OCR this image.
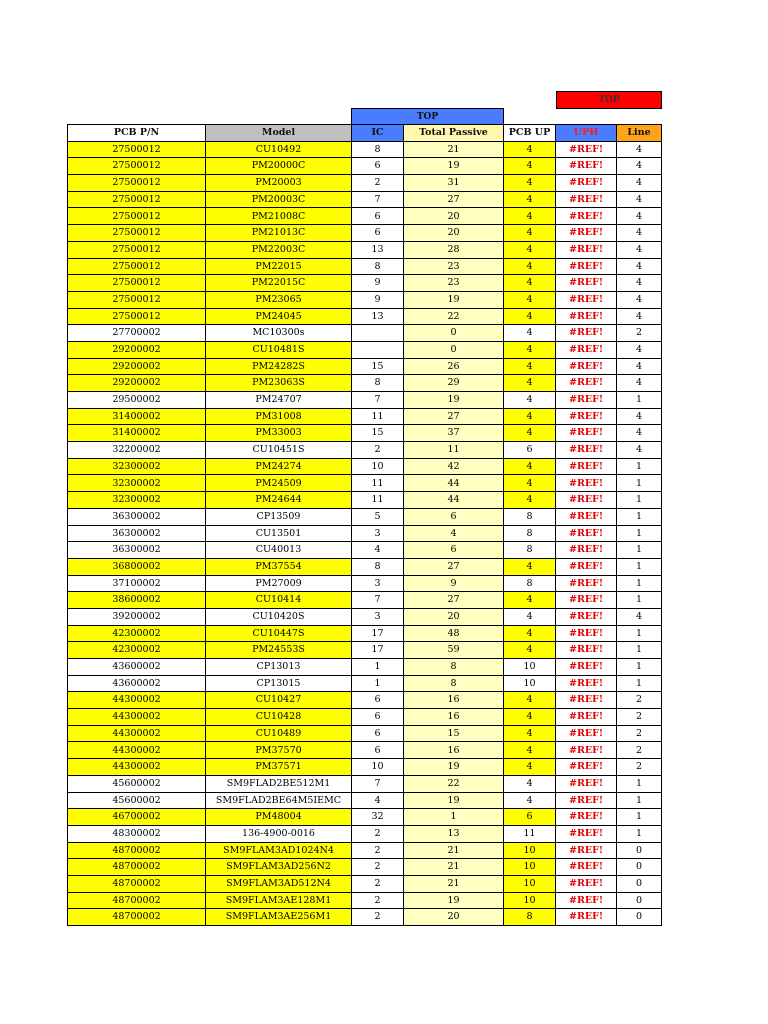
TOP
TOP
PCB P/N	Model	IC	Total Passive	PCB UP	UPH	Line
27500012	CU10492	8	21	4	#REF!	4
27500012	PM20000C	6	19	4	#REF!	4
27500012	PM20003	2	31	4	#REF!	4
27500012	PM20003C	7	27	4	#REF!	4
27500012	PM21008C	6	20	4	#REF!	4
27500012	PM21013C	6	20	4	#REF!	4
27500012	PM22003C	13	28	4	#REF!	4
27500012	PM22015	8	23	4	#REF!	4
27500012	PM22015C	9	23	4	#REF!	4
27500012	PM23065	9	19	4	#REF!	4
27500012	PM24045	13	22	4	#REF!	4
27700002	MC10300s		0	4	#REF!	2
29200002	CU10481S		0	4	#REF!	4
29200002	PM24282S	15	26	4	#REF!	4
29200002	PM23063S	8	29	4	#REF!	4
29500002	PM24707	7	19	4	#REF!	1
31400002	PM31008	11	27	4	#REF!	4
31400002	PM33003	15	37	4	#REF!	4
32200002	CU10451S	2	11	6	#REF!	4
32300002	PM24274	10	42	4	#REF!	1
32300002	PM24509	11	44	4	#REF!	1
32300002	PM24644	11	44	4	#REF!	1
36300002	CP13509	5	6	8	#REF!	1
36300002	CU13501	3	4	8	#REF!	1
36300002	CU40013	4	6	8	#REF!	1
36800002	PM37554	8	27	4	#REF!	1
37100002	PM27009	3	9	8	#REF!	1
38600002	CU10414	7	27	4	#REF!	1
39200002	CU10420S	3	20	4	#REF!	4
42300002	CU10447S	17	48	4	#REF!	1
42300002	PM24553S	17	59	4	#REF!	1
43600002	CP13013	1	8	10	#REF!	1
43600002	CP13015	1	8	10	#REF!	1
44300002	CU10427	6	16	4	#REF!	2
44300002	CU10428	6	16	4	#REF!	2
44300002	CU10489	6	15	4	#REF!	2
44300002	PM37570	6	16	4	#REF!	2
44300002	PM37571	10	19	4	#REF!	2
45600002	SM9FLAD2BE512M1	7	22	4	#REF!	1
45600002	SM9FLAD2BE64M5IEMC	4	19	4	#REF!	1
46700002	PM48004	32	1	6	#REF!	1
48300002	136-4900-0016	2	13	11	#REF!	1
48700002	SM9FLAM3AD1024N4	2	21	10	#REF!	0
48700002	SM9FLAM3AD256N2	2	21	10	#REF!	0
48700002	SM9FLAM3AD512N4	2	21	10	#REF!	0
48700002	SM9FLAM3AE128M1	2	19	10	#REF!	0
48700002	SM9FLAM3AE256M1	2	20	8	#REF!	0
